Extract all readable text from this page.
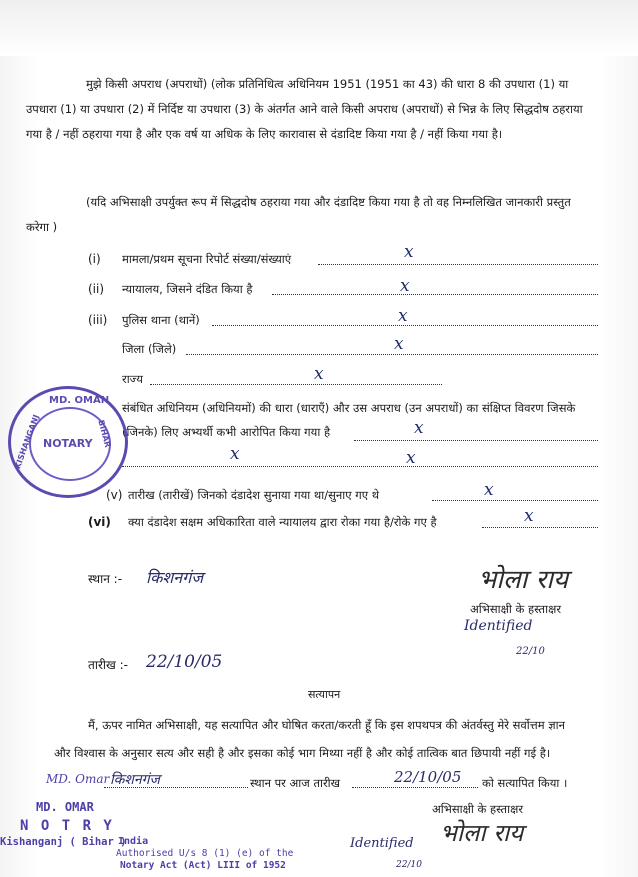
मुझे किसी अपराध (अपराधों) (लोक प्रतिनिधित्व अधिनियम 1951 (1951 का 43) की धारा 8 की उपधारा (1) या उपधारा (1) या उपधारा (2) में निर्दिष्ट या उपधारा (3) के अंतर्गत आने वाले किसी अपराध (अपराधों) से भिन्न के लिए सिद्धदोष ठहराया गया है / नहीं ठहराया गया है और एक वर्ष या अधिक के लिए कारावास से दंडादिष्ट किया गया है / नहीं किया गया है।
(यदि अभिसाक्षी उपर्युक्त रूप में सिद्धदोष ठहराया गया और दंडादिष्ट किया गया है तो वह निम्नलिखित जानकारी प्रस्तुत करेगा )
(i) मामला/प्रथम सूचना रिपोर्ट संख्या/संख्याएं	x
(ii) न्यायालय, जिसने दंडित किया है	x
(iii) पुलिस थाना (थानें)	x
जिला (जिले)	x
राज्य	x
संबंधित अधिनियम (अधिनियमों) की धारा (धाराएँ) और उस अपराध (उन अपराधों) का संक्षिप्त विवरण जिसके (जिनके) लिए अभ्यर्थी कभी आरोपित किया गया है	x
x	x
(v) तारीख (तारीखें) जिनको दंडादेश सुनाया गया था/सुनाए गए थे	x
(vi) क्या दंडादेश सक्षम अधिकारिता वाले न्यायालय द्वारा रोका गया है/रोके गए है	x
MD. OMAN
KISHANGANJ	BIHAR
NOTARY
स्थान :- किशनगंज
तारीख :- 22/10/05
भोला राय
अभिसाक्षी के हस्ताक्षर
Identified
22/10
सत्यापन
मैं, ऊपर नामित अभिसाक्षी, यह सत्यापित और घोषित करता/करती हूँ कि इस शपथपत्र की अंतर्वस्तु मेरे सर्वोत्तम ज्ञान
और विश्वास के अनुसार सत्य और सही है और इसका कोई भाग मिथ्या नहीं है और कोई तात्विक बात छिपायी नहीं गई है।
किशनगंज	स्थान पर आज तारीख	22/10/05 को सत्यापित किया ।
अभिसाक्षी के हस्ताक्षर
भोला राय
Identified
22/10
MD. Omar
MD. OMAR
N O T R Y
Kishanganj ( Bihar )
India
Authorised U/s 8 (1) (e) of the
Notary Act (Act) LIII of 1952
